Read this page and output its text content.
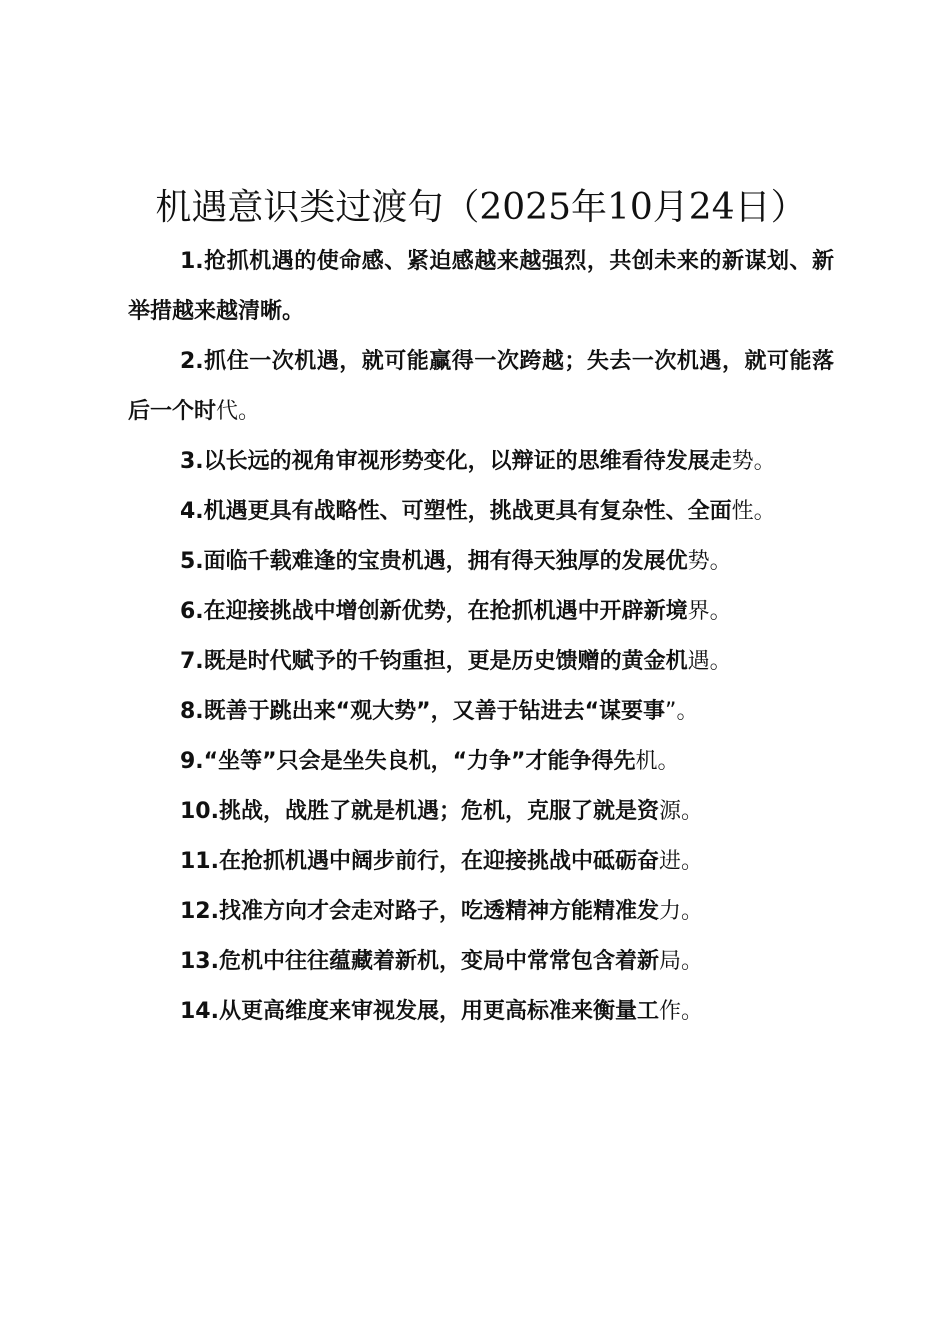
机遇意识类过渡句（2025年10月24日）
1.抢抓机遇的使命感、紧迫感越来越强烈，共创未来的新谋划、新举措越来越清晰。
2.抓住一次机遇，就可能赢得一次跨越；失去一次机遇，就可能落后一个时代。
3.以长远的视角审视形势变化，以辩证的思维看待发展走势。
4.机遇更具有战略性、可塑性，挑战更具有复杂性、全面性。
5.面临千载难逢的宝贵机遇，拥有得天独厚的发展优势。
6.在迎接挑战中增创新优势，在抢抓机遇中开辟新境界。
7.既是时代赋予的千钧重担，更是历史馈赠的黄金机遇。
8.既善于跳出来“观大势”，又善于钻进去“谋要事”。
9.“坐等”只会是坐失良机，“力争”才能争得先机。
10.挑战，战胜了就是机遇；危机，克服了就是资源。
11.在抢抓机遇中阔步前行，在迎接挑战中砥砺奋进。
12.找准方向才会走对路子，吃透精神方能精准发力。
13.危机中往往蕴藏着新机，变局中常常包含着新局。
14.从更高维度来审视发展，用更高标准来衡量工作。
